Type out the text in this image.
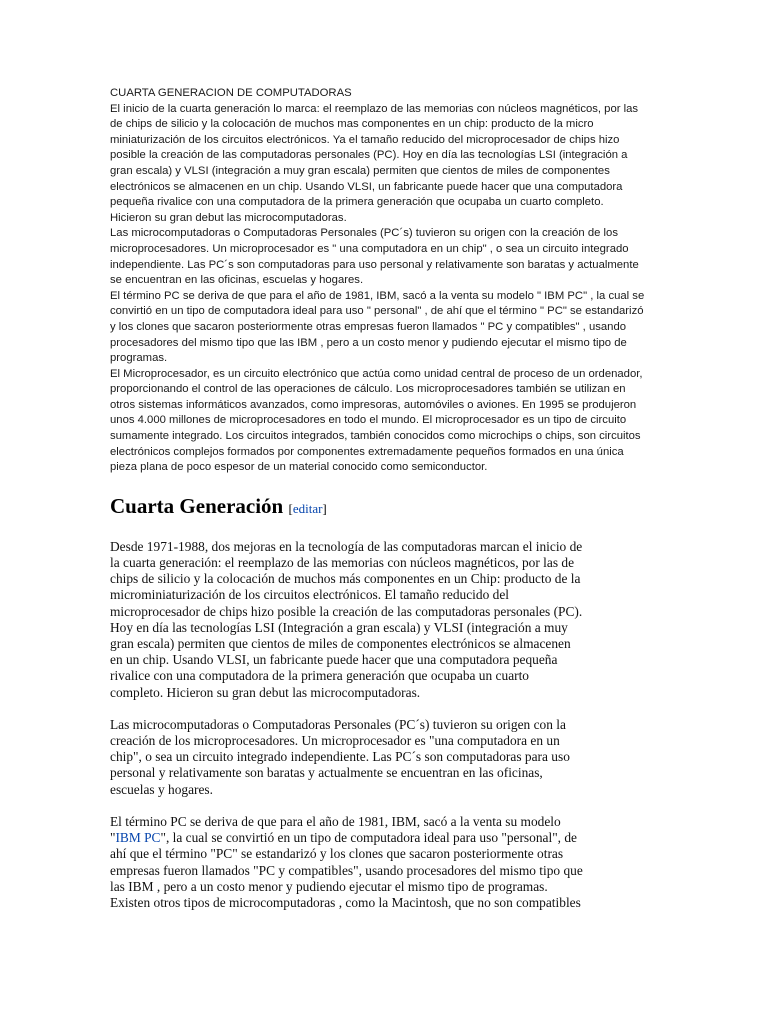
CUARTA GENERACION DE COMPUTADORAS
El inicio de la cuarta generación lo marca: el reemplazo de las memorias con núcleos magnéticos, por las
de chips de silicio y la colocación de muchos mas componentes en un chip: producto de la micro
miniaturización de los circuitos electrónicos. Ya el tamaño reducido del microprocesador de chips hizo
posible la creación de las computadoras personales (PC). Hoy en día las tecnologías LSI (integración a
gran escala) y VLSI (integración a muy gran escala) permiten que cientos de miles de componentes
electrónicos se almacenen en un chip. Usando VLSI, un fabricante puede hacer que una computadora
pequeña rivalice con una computadora de la primera generación que ocupaba un cuarto completo.
Hicieron su gran debut las microcomputadoras.
Las microcomputadoras o Computadoras Personales (PC´s) tuvieron su origen con la creación de los
microprocesadores. Un microprocesador es " una computadora en un chip" , o sea un circuito integrado
independiente. Las PC´s son computadoras para uso personal y relativamente son baratas y actualmente
se encuentran en las oficinas, escuelas y hogares.
El término PC se deriva de que para el año de 1981, IBM, sacó a la venta su modelo " IBM PC" , la cual se
convirtió en un tipo de computadora ideal para uso " personal" , de ahí que el término " PC" se estandarizó
y los clones que sacaron posteriormente otras empresas fueron llamados " PC y compatibles" , usando
procesadores del mismo tipo que las IBM , pero a un costo menor y pudiendo ejecutar el mismo tipo de
programas.
El Microprocesador, es un circuito electrónico que actúa como unidad central de proceso de un ordenador,
proporcionando el control de las operaciones de cálculo. Los microprocesadores también se utilizan en
otros sistemas informáticos avanzados, como impresoras, automóviles o aviones. En 1995 se produjeron
unos 4.000 millones de microprocesadores en todo el mundo. El microprocesador es un tipo de circuito
sumamente integrado. Los circuitos integrados, también conocidos como microchips o chips, son circuitos
electrónicos complejos formados por componentes extremadamente pequeños formados en una única
pieza plana de poco espesor de un material conocido como semiconductor.
Cuarta Generación [editar]
Desde 1971-1988, dos mejoras en la tecnología de las computadoras marcan el inicio de
la cuarta generación: el reemplazo de las memorias con núcleos magnéticos, por las de
chips de silicio y la colocación de muchos más componentes en un Chip: producto de la
microminiaturización de los circuitos electrónicos. El tamaño reducido del
microprocesador de chips hizo posible la creación de las computadoras personales (PC).
Hoy en día las tecnologías LSI (Integración a gran escala) y VLSI (integración a muy
gran escala) permiten que cientos de miles de componentes electrónicos se almacenen
en un chip. Usando VLSI, un fabricante puede hacer que una computadora pequeña
rivalice con una computadora de la primera generación que ocupaba un cuarto
completo. Hicieron su gran debut las microcomputadoras.
Las microcomputadoras o Computadoras Personales (PC´s) tuvieron su origen con la
creación de los microprocesadores. Un microprocesador es "una computadora en un
chip", o sea un circuito integrado independiente. Las PC´s son computadoras para uso
personal y relativamente son baratas y actualmente se encuentran en las oficinas,
escuelas y hogares.
El término PC se deriva de que para el año de 1981, IBM, sacó a la venta su modelo
"IBM PC", la cual se convirtió en un tipo de computadora ideal para uso "personal", de
ahí que el término "PC" se estandarizó y los clones que sacaron posteriormente otras
empresas fueron llamados "PC y compatibles", usando procesadores del mismo tipo que
las IBM , pero a un costo menor y pudiendo ejecutar el mismo tipo de programas.
Existen otros tipos de microcomputadoras , como la Macintosh, que no son compatibles
